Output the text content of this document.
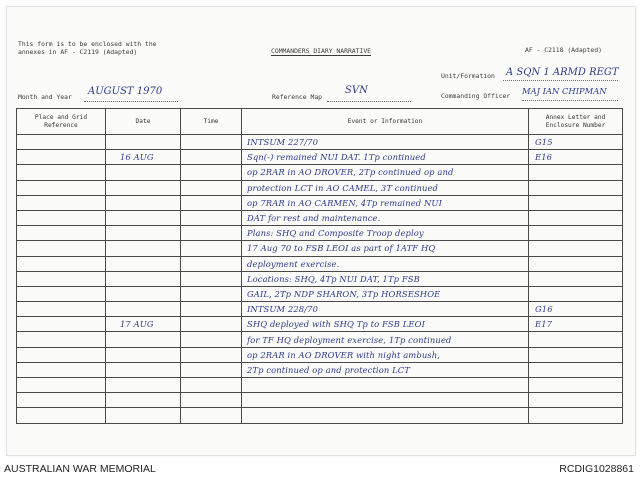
This form is to be enclosed with the
annexes in AF - C2119 (Adapted)	COMMANDERS DIARY NARRATIVE	AF - C2118 (Adapted)
Unit/Formation A SQN 1 ARMD REGT
Month and Year AUGUST 1970	Reference Map
SVN	Commanding Officer MAJ IAN CHIPMAN
Place and Grid
Reference	Date	Time	Event or Information	Annex Letter and
Enclosure Number

			INTSUM 227/70	G15

	16 AUG		Sqn(-) remained NUI DAT. 1Tp continued	E16

			op 2RAR in AO DROVER, 2Tp continued op and	

			protection LCT in AO CAMEL, 3T continued	

			op 7RAR in AO CARMEN, 4Tp remained NUI	

			DAT for rest and maintenance.	

			Plans: SHQ and Composite Troop deploy	

			17 Aug 70 to FSB LEOI as part of 1ATF HQ	

			deployment exercise.	

			Locations: SHQ, 4Tp NUI DAT, 1Tp FSB	

			GAIL, 2Tp NDP SHARON, 3Tp HORSESHOE	

			INTSUM 228/70	G16

	17 AUG		SHQ deployed with SHQ Tp to FSB LEOI	E17

			for TF HQ deployment exercise, 1Tp continued	

			op 2RAR in AO DROVER with night ambush,	

			2Tp continued op and protection LCT	

AUSTRALIAN WAR MEMORIAL	RCDIG1028861
